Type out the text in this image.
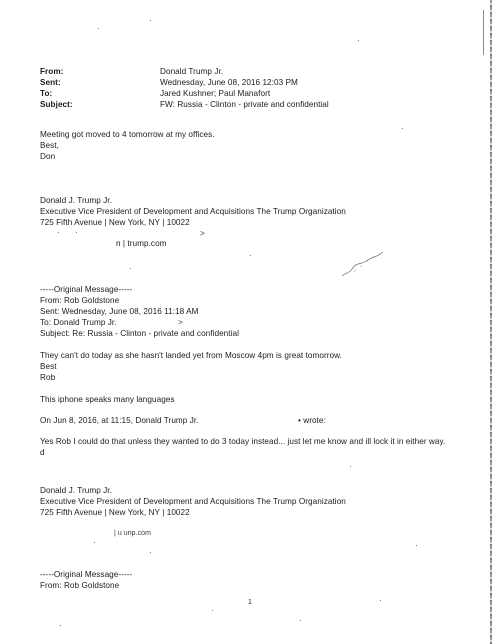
From:	Donald Trump Jr.
Sent:	Wednesday, June 08, 2016 12:03 PM
To:	Jared Kushner; Paul Manafort
Subject:	FW: Russia - Clinton - private and confidential
Meeting got moved to 4 tomorrow at my offices.
Best,
Don
Donald J. Trump Jr.
Executive Vice President of Development and Acquisitions The Trump Organization
725 Fifth Avenue | New York, NY | 10022
>
n | trump.com
-----Original Message-----
From: Rob Goldstone
Sent: Wednesday, June 08, 2016 11:18 AM
To: Donald Trump Jr.	>
Subject: Re: Russia - Clinton - private and confidential
They can't do today as she hasn't landed yet from Moscow 4pm is great tomorrow.
Best
Rob
This iphone speaks many languages
On Jun 8, 2016, at 11:15, Donald Trump Jr.	• wrote:
Yes Rob I could do that unless they wanted to do 3 today instead... just let me know and ill lock it in either way.
d
Donald J. Trump Jr.
Executive Vice President of Development and Acquisitions The Trump Organization
725 Fifth Avenue | New York, NY | 10022
| u unp.com
-----Original Message-----
From: Rob Goldstone
1
